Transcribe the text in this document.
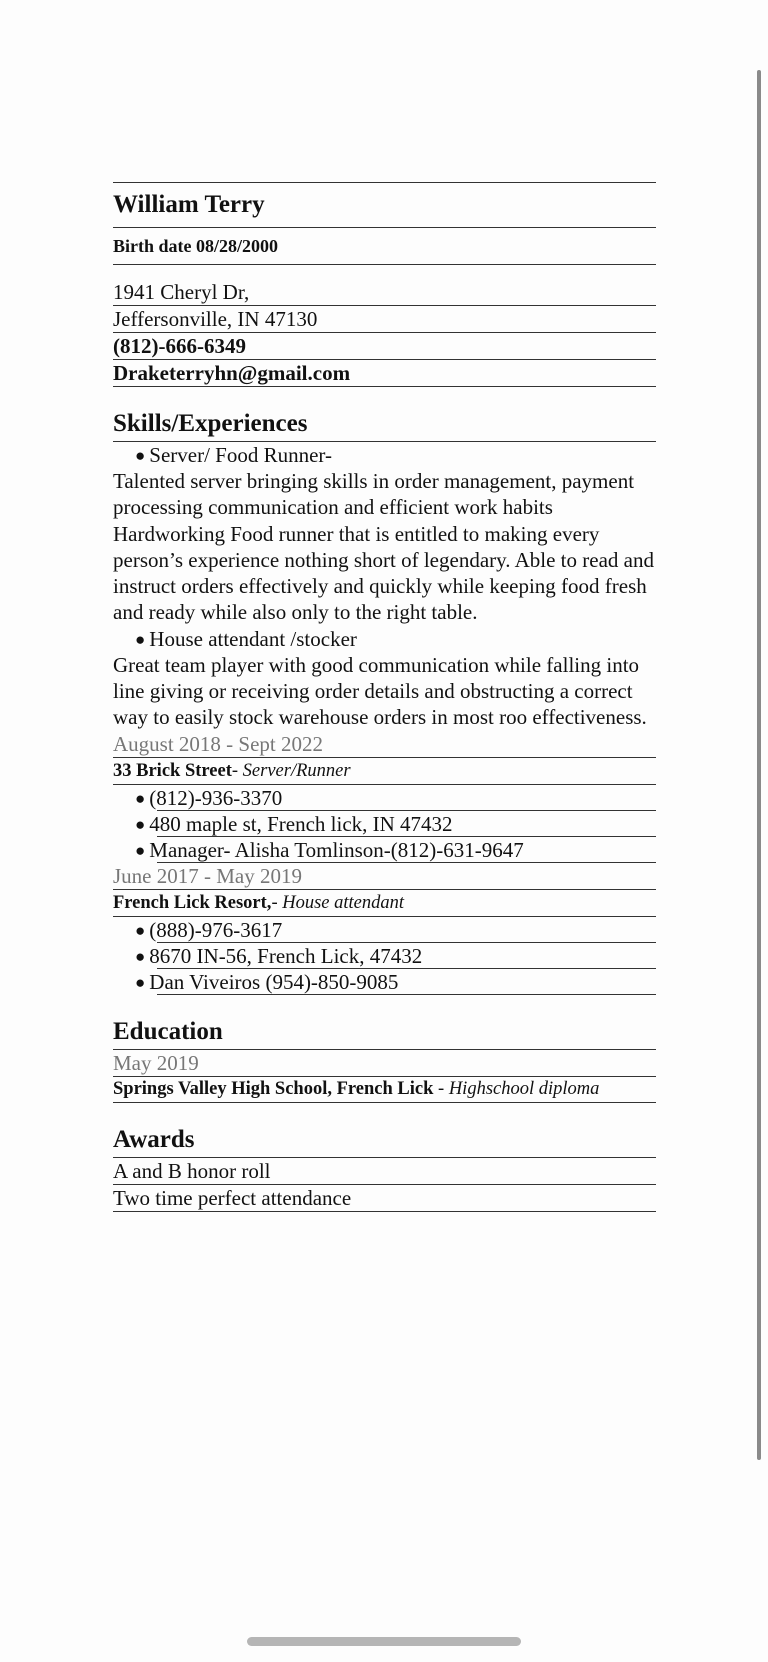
William Terry
Birth date 08/28/2000
1941 Cheryl Dr,
Jeffersonville, IN 47130
(812)-666-6349
Draketerryhn@gmail.com
Skills/Experiences
● Server/ Food Runner-
Talented server bringing skills in order management, payment processing communication and efficient work habits
Hardworking Food runner that is entitled to making every person’s experience nothing short of legendary. Able to read and instruct orders effectively and quickly while keeping food fresh and ready while also only to the right table.
● House attendant /stocker
Great team player with good communication while falling into line giving or receiving order details and obstructing a correct way to easily stock warehouse orders in most roo effectiveness.
August 2018 - Sept 2022
33 Brick Street- Server/Runner
● (812)-936-3370
● 480 maple st, French lick, IN 47432
● Manager- Alisha Tomlinson-(812)-631-9647
June 2017 - May 2019
French Lick Resort,- House attendant
● (888)-976-3617
● 8670 IN-56, French Lick, 47432
● Dan Viveiros (954)-850-9085
Education
May 2019
Springs Valley High School, French Lick - Highschool diploma
Awards
A and B honor roll
Two time perfect attendance
